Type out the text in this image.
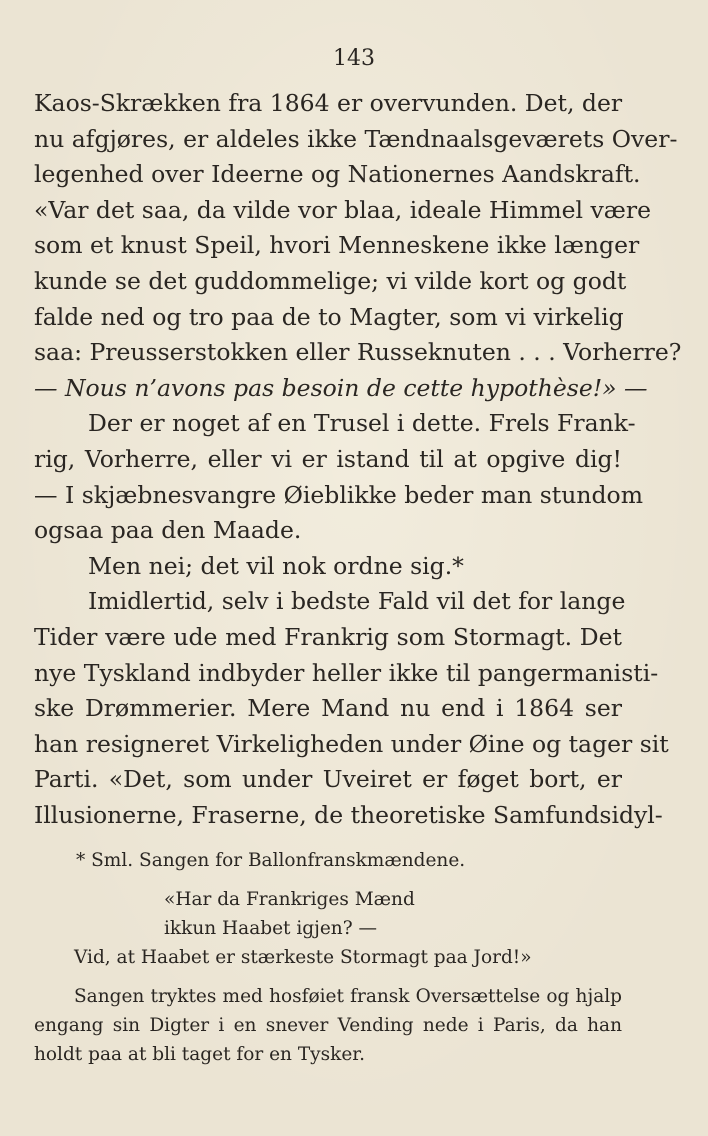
143
Kaos-Skrækken fra 1864 er overvunden. Det, der
nu afgjøres, er aldeles ikke Tændnaalsgeværets Over-
legenhed over Ideerne og Nationernes Aandskraft.
«Var det saa, da vilde vor blaa, ideale Himmel være
som et knust Speil, hvori Menneskene ikke længer
kunde se det guddommelige; vi vilde kort og godt
falde ned og tro paa de to Magter, som vi virkelig
saa: Preusserstokken eller Russeknuten . . . Vorherre?
— Nous n’avons pas besoin de cette hypothèse!» —
Der er noget af en Trusel i dette. Frels Frank-
rig, Vorherre, eller vi er istand til at opgive dig!
— I skjæbnesvangre Øieblikke beder man stundom
ogsaa paa den Maade.
Men nei; det vil nok ordne sig.*
Imidlertid, selv i bedste Fald vil det for lange
Tider være ude med Frankrig som Stormagt. Det
nye Tyskland indbyder heller ikke til pangermanisti-
ske Drømmerier. Mere Mand nu end i 1864 ser
han resigneret Virkeligheden under Øine og tager sit
Parti. «Det, som under Uveiret er føget bort, er
Illusionerne, Fraserne, de theoretiske Samfundsidyl-
* Sml. Sangen for Ballonfranskmændene.
«Har da Frankriges Mænd
ikkun Haabet igjen? —
Vid, at Haabet er stærkeste Stormagt paa Jord!»
Sangen tryktes med hosføiet fransk Oversættelse og hjalp
engang sin Digter i en snever Vending nede i Paris, da han
holdt paa at bli taget for en Tysker.
